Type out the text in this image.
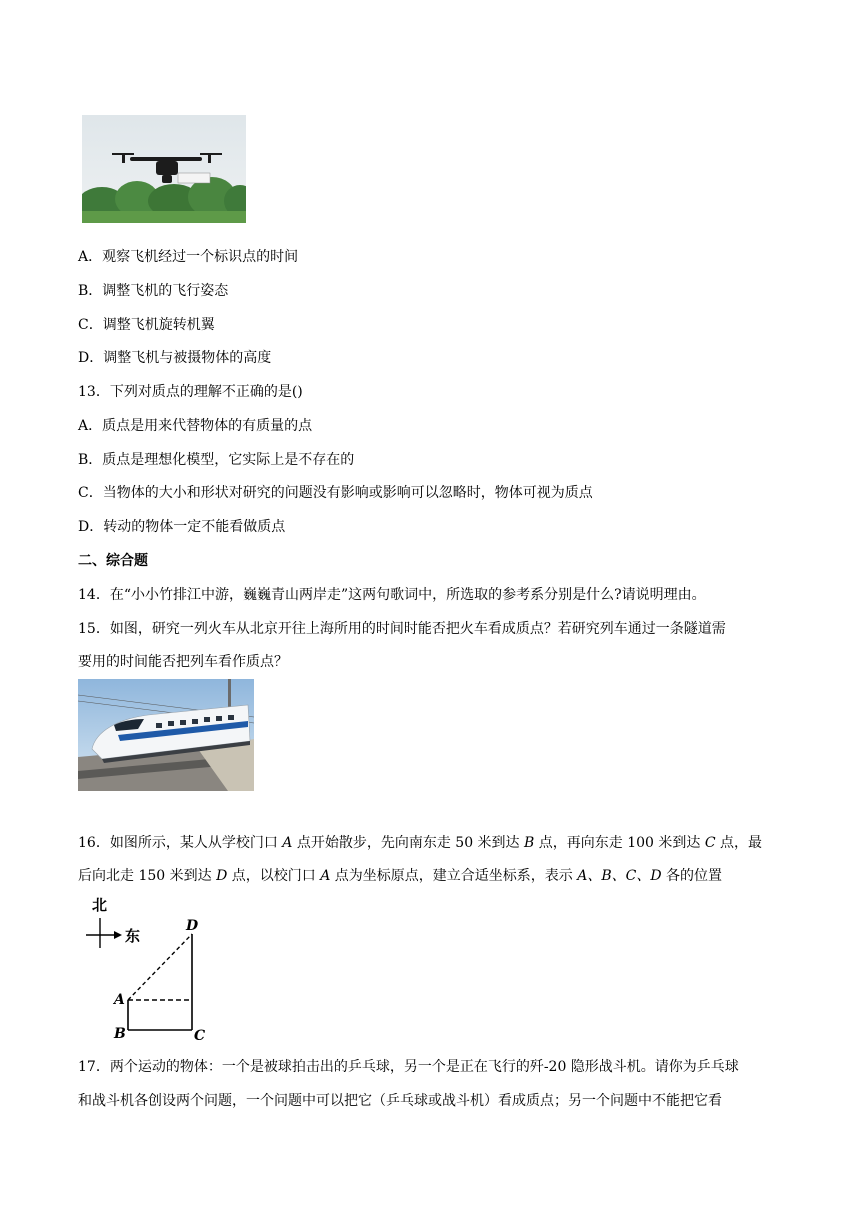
A．观察飞机经过一个标识点的时间
B．调整飞机的飞行姿态
C．调整飞机旋转机翼
D．调整飞机与被摄物体的高度
13．下列对质点的理解不正确的是()
A．质点是用来代替物体的有质量的点
B．质点是理想化模型，它实际上是不存在的
C．当物体的大小和形状对研究的问题没有影响或影响可以忽略时，物体可视为质点
D．转动的物体一定不能看做质点
二、综合题
14．在“小小竹排江中游，巍巍青山两岸走”这两句歌词中，所选取的参考系分别是什么?请说明理由。
15．如图，研究一列火车从北京开往上海所用的时间时能否把火车看成质点？若研究列车通过一条隧道需
要用的时间能否把列车看作质点？
16．如图所示，某人从学校门口 A 点开始散步，先向南东走 50 米到达 B 点，再向东走 100 米到达 C 点，最
后向北走 150 米到达 D 点，以校门口 A 点为坐标原点，建立合适坐标系，表示 A、B、C、D 各的位置
北
东
A
B	C
D
17．两个运动的物体：一个是被球拍击出的乒乓球，另一个是正在飞行的歼-20 隐形战斗机。请你为乒乓球
和战斗机各创设两个问题，一个问题中可以把它（乒乓球或战斗机）看成质点；另一个问题中不能把它看
